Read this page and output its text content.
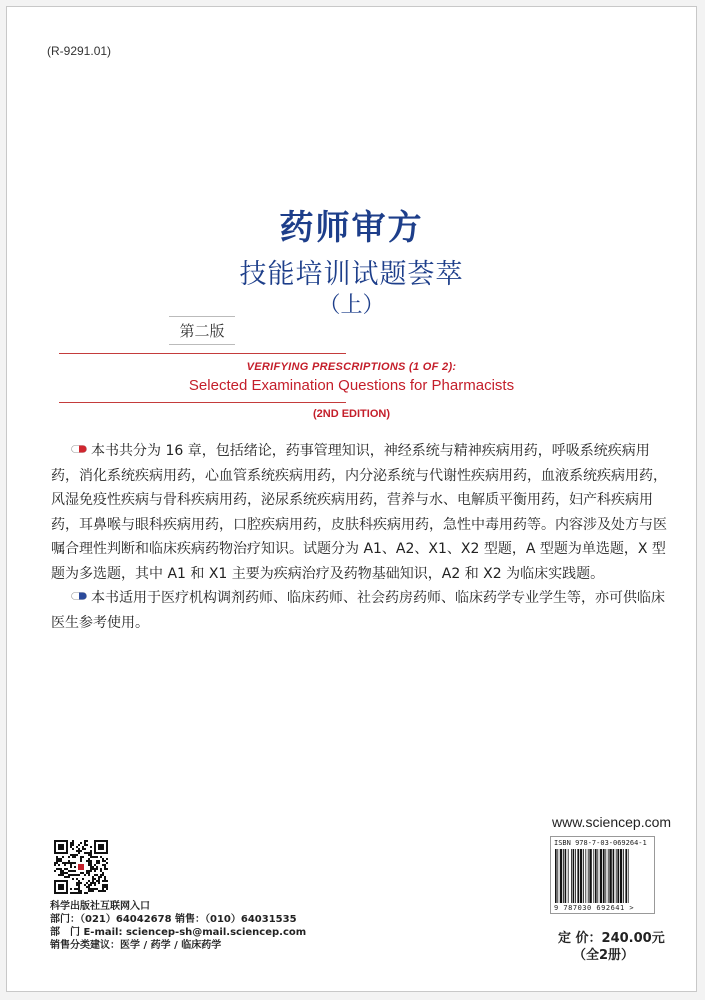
(R-9291.01)
药师审方
技能培训试题荟萃
（上）
第二版
VERIFYING PRESCRIPTIONS (1 OF 2):
Selected Examination Questions for Pharmacists
(2ND EDITION)

本书共分为 16 章，包括绪论，药事管理知识，神经系统与精神疾病用药，呼吸系统疾病用药，消化系统疾病用药，心血管系统疾病用药，内分泌系统与代谢性疾病用药，血液系统疾病用药，风湿免疫性疾病与骨科疾病用药，泌尿系统疾病用药，营养与水、电解质平衡用药，妇产科疾病用药，耳鼻喉与眼科疾病用药，口腔疾病用药，皮肤科疾病用药，急性中毒用药等。内容涉及处方与医嘱合理性判断和临床疾病药物治疗知识。试题分为 A1、A2、X1、X2 型题，A 型题为单选题，X 型题为多选题，其中 A1 和 X1 主要为疾病治疗及药物基础知识，A2 和 X2 为临床实践题。

本书适用于医疗机构调剂药师、临床药师、社会药房药师、临床药学专业学生等，亦可供临床医生参考使用。

www.sciencep.com
ISBN 978-7-03-069264-1
9 787030 692641 >
定 价：240.00元
（全2册）
科学出版社互联网入口
部门：（021）64042678 销售：（010）64031535
部　门 E-mail: sciencep-sh@mail.sciencep.com
销售分类建议：医学 / 药学 / 临床药学
